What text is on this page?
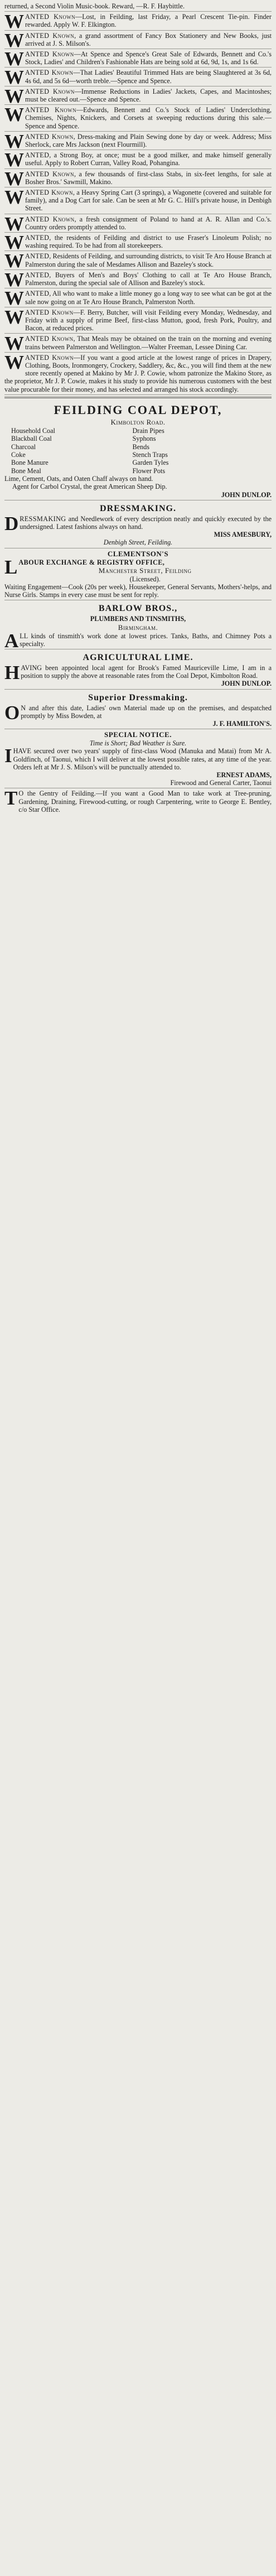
returned, a Second Violin Music-book. Reward, —R. F. Haybittle.

WANTED Known—Lost, in Feilding, last Friday, a Pearl Crescent Tie-pin. Finder rewarded. Apply W. F. Elkington.

WANTED Known, a grand assortment of Fancy Box Stationery and New Books, just arrived at J. S. Milson's.

WANTED Known—At Spence and Spence's Great Sale of Edwards, Bennett and Co.'s Stock, Ladies' and Children's Fashionable Hats are being sold at 6d, 9d, 1s, and 1s 6d.

WANTED Known—That Ladies' Beautiful Trimmed Hats are being Slaughtered at 3s 6d, 4s 6d, and 5s 6d—worth treble.—Spence and Spence.

WANTED Known—Immense Reductions in Ladies' Jackets, Capes, and Macintoshes; must be cleared out.—Spence and Spence.

WANTED Known—Edwards, Bennett and Co.'s Stock of Ladies' Underclothing, Chemises, Nights, Knickers, and Corsets at sweeping reductions during this sale.—Spence and Spence.

WANTED Known, Dress-making and Plain Sewing done by day or week. Address; Miss Sherlock, care Mrs Jackson (next Flourmill).

WANTED, a Strong Boy, at once; must be a good milker, and make himself generally useful. Apply to Robert Curran, Valley Road, Pohangina.

WANTED Known, a few thousands of first-class Stabs, in six-feet lengths, for sale at Bosher Bros.' Sawmill, Makino.

WANTED Known, a Heavy Spring Cart (3 springs), a Wagonette (covered and suitable for family), and a Dog Cart for sale. Can be seen at Mr G. C. Hill's private house, in Denbigh Street.

WANTED Known, a fresh consignment of Poland to hand at A. R. Allan and Co.'s. Country orders promptly attended to.

WANTED, the residents of Feilding and district to use Fraser's Linoleum Polish; no washing required. To be had from all storekeepers.

WANTED, Residents of Feilding, and surrounding districts, to visit Te Aro House Branch at Palmerston during the sale of Mesdames Allison and Bazeley's stock.

WANTED, Buyers of Men's and Boys' Clothing to call at Te Aro House Branch, Palmerston, during the special sale of Allison and Bazeley's stock.

WANTED, All who want to make a little money go a long way to see what can be got at the sale now going on at Te Aro House Branch, Palmerston North.

WANTED Known—F. Berry, Butcher, will visit Feilding every Monday, Wednesday, and Friday with a supply of prime Beef, first-class Mutton, good, fresh Pork, Poultry, and Bacon, at reduced prices.

WANTED Known, That Meals may be obtained on the train on the morning and evening trains between Palmerston and Wellington.—Walter Freeman, Lessee Dining Car.

WANTED Known—If you want a good article at the lowest range of prices in Drapery, Clothing, Boots, Ironmongery, Crockery, Saddlery, &c, &c., you will find them at the new store recently opened at Makino by Mr J. P. Cowie, whom patronize the Makino Store, as the proprietor, Mr J. P. Cowie, makes it his study to provide his numerous customers with the best value procurable for their money, and has selected and arranged his stock accordingly.

FEILDING COAL DEPOT,
Kimbolton Road.
Household Coal
Blackball Coal
Charcoal
Coke
Bone Manure
Bone Meal
Drain Pipes
Syphons
Bends
Stench Traps
Garden Tyles
Flower Pots

Lime, Cement, Oats, and Oaten Chaff always on hand.

Agent for Carbol Crystal, the great American Sheep Dip.

JOHN DUNLOP.
DRESSMAKING.

DRESSMAKING and Needlework of every description neatly and quickly executed by the undersigned. Latest fashions always on hand.

MISS AMESBURY,
Denbigh Street, Feilding.
CLEMENTSON'S

LABOUR EXCHANGE & REGISTRY OFFICE,

Manchester Street, Feilding
(Licensed).

Waiting Engagement—Cook (20s per week), Housekeeper, General Servants, Mothers'-helps, and Nurse Girls. Stamps in every case must be sent for reply.

BARLOW BROS.,
PLUMBERS AND TINSMITHS,
Birmingham.

ALL kinds of tinsmith's work done at lowest prices. Tanks, Baths, and Chimney Pots a specialty.

AGRICULTURAL LIME.

HAVING been appointed local agent for Brook's Famed Mauriceville Lime, I am in a position to supply the above at reasonable rates from the Coal Depot, Kimbolton Road.

JOHN DUNLOP.
Superior Dressmaking.

O N and after this date, Ladies' own Material made up on the premises, and despatched promptly by Miss Bowden, at

J. F. HAMILTON'S.
SPECIAL NOTICE.
Time is Short; Bad Weather is Sure.

IHAVE secured over two years' supply of first-class Wood (Manuka and Matai) from Mr A. Goldfinch, of Taonui, which I will deliver at the lowest possible rates, at any time of the year. Orders left at Mr J. S. Milson's will be punctually attended to.

ERNEST ADAMS,
Firewood and General Carter, Taonui

T O the Gentry of Feilding.—If you want a Good Man to take work at Tree-pruning, Gardening, Draining, Firewood-cutting, or rough Carpentering, write to George E. Bentley, c/o Star Office.
